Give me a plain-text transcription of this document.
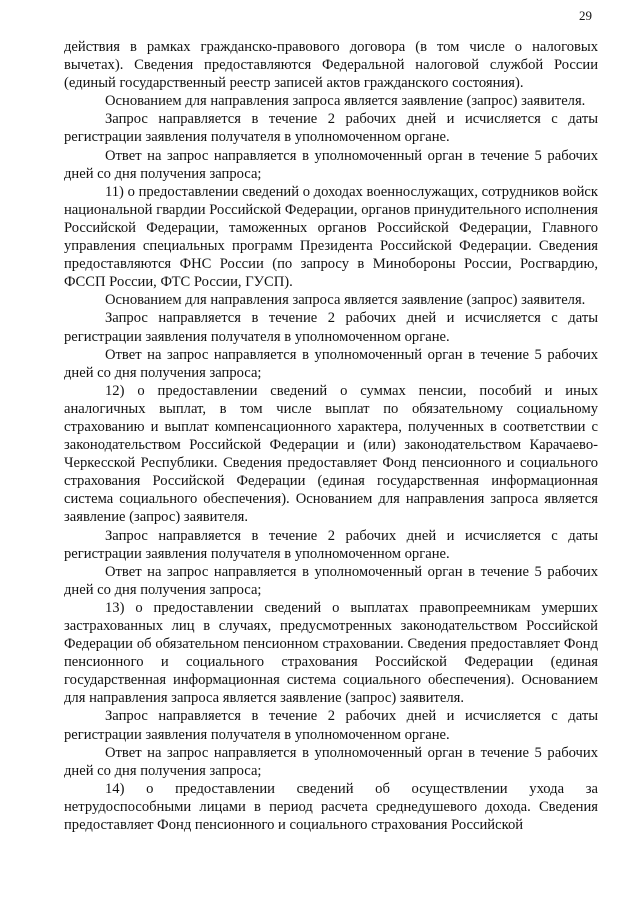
29

действия в рамках гражданско-правового договора (в том числе о налоговых вычетах). Сведения предоставляются Федеральной налоговой службой России (единый государственный реестр записей актов гражданского состояния).

Основанием для направления запроса является заявление (запрос) заявителя.

Запрос направляется в течение 2 рабочих дней и исчисляется с даты регистрации заявления получателя в уполномоченном органе.

Ответ на запрос направляется в уполномоченный орган в течение 5 рабочих дней со дня получения запроса;

11) о предоставлении сведений о доходах военнослужащих, сотрудников войск национальной гвардии Российской Федерации, органов принудительного исполнения Российской Федерации, таможенных органов Российской Федерации, Главного управления специальных программ Президента Российской Федерации. Сведения предоставляются ФНС России (по запросу в Минобороны России, Росгвардию, ФССП России, ФТС России, ГУСП).

Основанием для направления запроса является заявление (запрос) заявителя.

Запрос направляется в течение 2 рабочих дней и исчисляется с даты регистрации заявления получателя в уполномоченном органе.

Ответ на запрос направляется в уполномоченный орган в течение 5 рабочих дней со дня получения запроса;

12) о предоставлении сведений о суммах пенсии, пособий и иных аналогичных выплат, в том числе выплат по обязательному социальному страхованию и выплат компенсационного характера, полученных в соответствии с законодательством Российской Федерации и (или) законодательством Карачаево-Черкесской Республики. Сведения предоставляет Фонд пенсионного и социального страхования Российской Федерации (единая государственная информационная система социального обеспечения). Основанием для направления запроса является заявление (запрос) заявителя.

Запрос направляется в течение 2 рабочих дней и исчисляется с даты регистрации заявления получателя в уполномоченном органе.

Ответ на запрос направляется в уполномоченный орган в течение 5 рабочих дней со дня получения запроса;

13) о предоставлении сведений о выплатах правопреемникам умерших застрахованных лиц в случаях, предусмотренных законодательством Российской Федерации об обязательном пенсионном страховании. Сведения предоставляет Фонд пенсионного и социального страхования Российской Федерации (единая государственная информационная система социального обеспечения). Основанием для направления запроса является заявление (запрос) заявителя.

Запрос направляется в течение 2 рабочих дней и исчисляется с даты регистрации заявления получателя в уполномоченном органе.

Ответ на запрос направляется в уполномоченный орган в течение 5 рабочих дней со дня получения запроса;

14) о предоставлении сведений об осуществлении ухода за нетрудоспособными лицами в период расчета среднедушевого дохода. Сведения предоставляет Фонд пенсионного и социального страхования Российской
